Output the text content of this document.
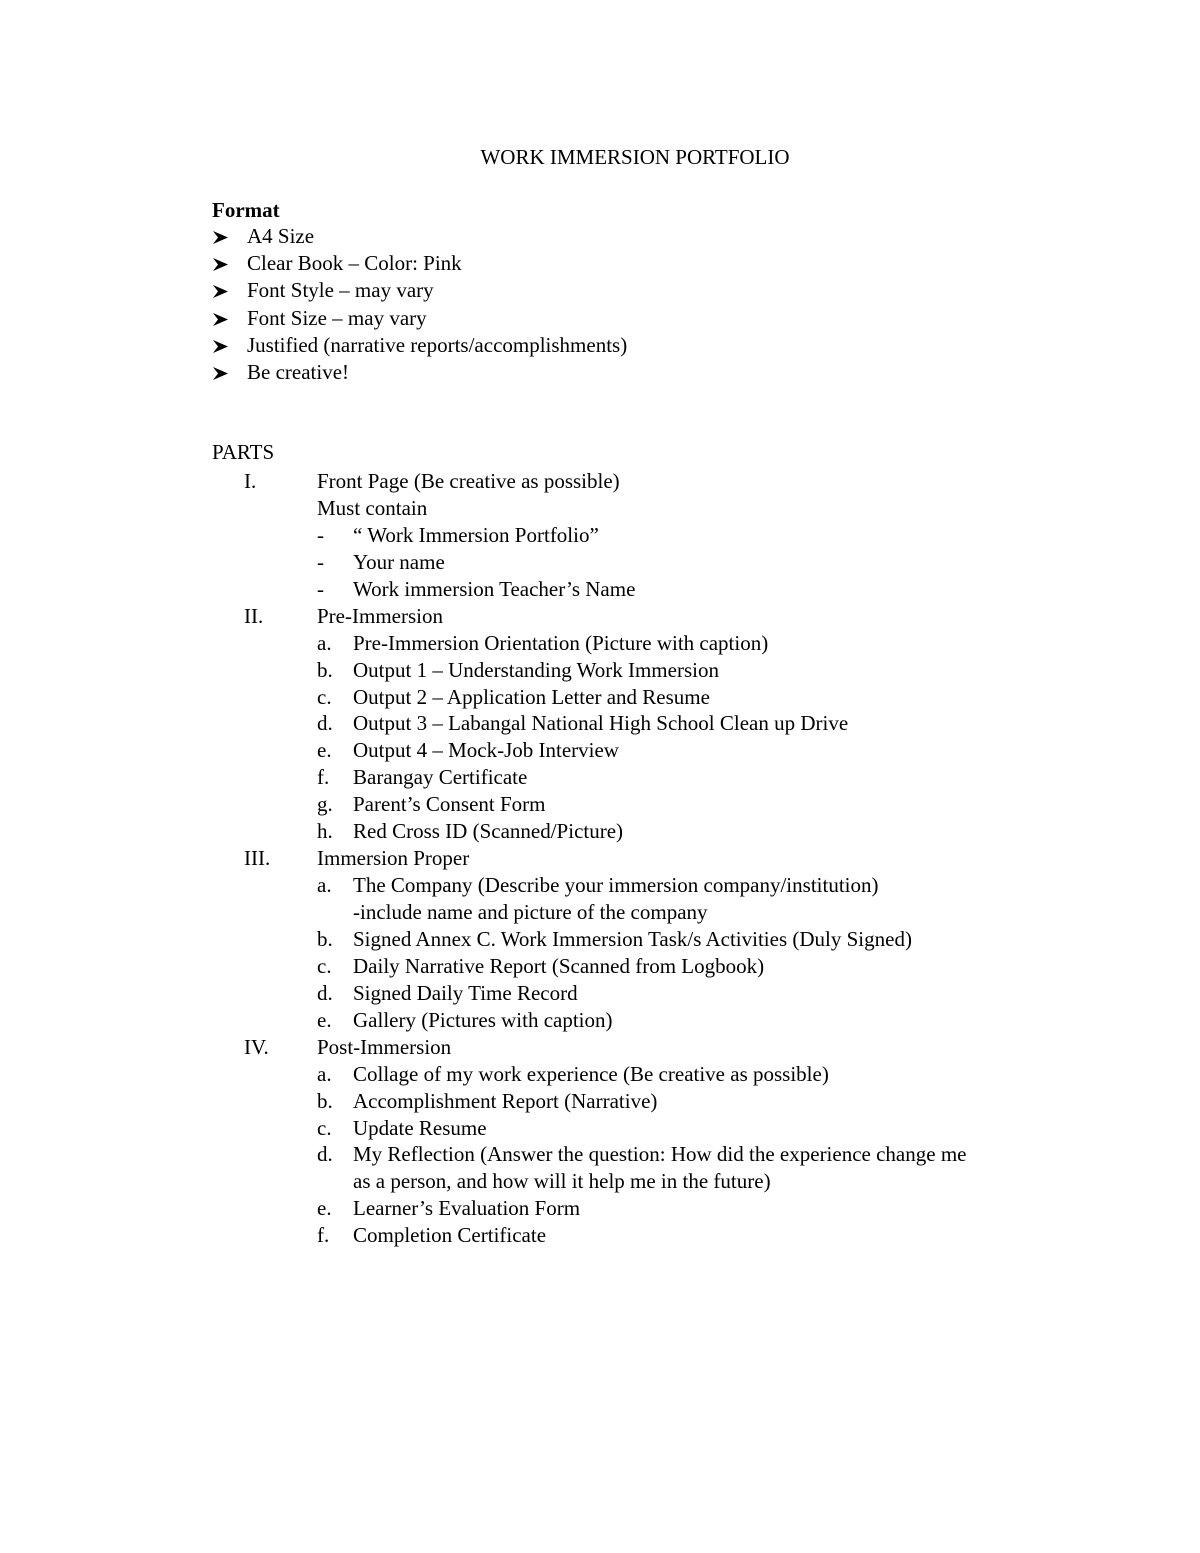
WORK IMMERSION PORTFOLIO
Format
A4 Size
Clear Book – Color: Pink
Font Style – may vary
Font Size – may vary
Justified (narrative reports/accomplishments)
Be creative!
PARTS
I.	Front Page (Be creative as possible)
Must contain
- “ Work Immersion Portfolio”
- Your name
- Work immersion Teacher’s Name
II.	Pre-Immersion
a. Pre-Immersion Orientation (Picture with caption)
b. Output 1 – Understanding Work Immersion
c. Output 2 – Application Letter and Resume
d. Output 3 – Labangal National High School Clean up Drive
e. Output 4 – Mock-Job Interview
f. Barangay Certificate
g. Parent’s Consent Form
h. Red Cross ID (Scanned/Picture)
III. Immersion Proper
a. The Company (Describe your immersion company/institution)
-include name and picture of the company
b. Signed Annex C. Work Immersion Task/s Activities (Duly Signed)
c. Daily Narrative Report (Scanned from Logbook)
d. Signed Daily Time Record
e. Gallery (Pictures with caption)
IV. Post-Immersion
a. Collage of my work experience (Be creative as possible)
b. Accomplishment Report (Narrative)
c. Update Resume
d. My Reflection (Answer the question: How did the experience change me
as a person, and how will it help me in the future)
e. Learner’s Evaluation Form
f. Completion Certificate
